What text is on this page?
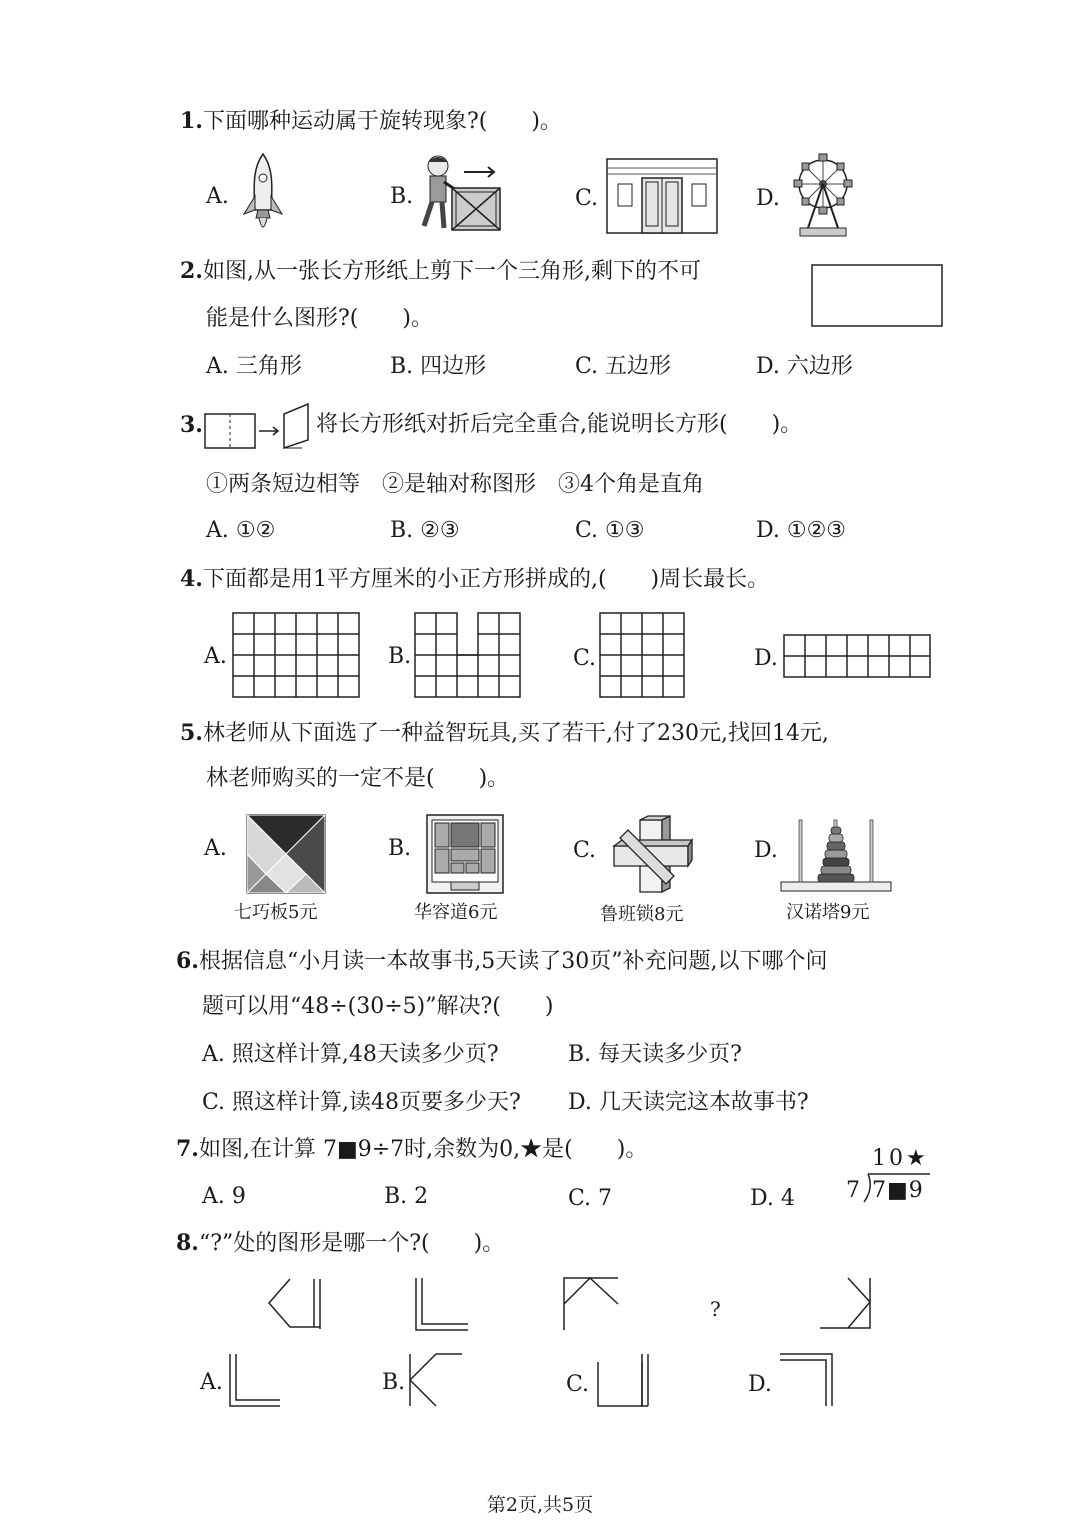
1.下面哪种运动属于旋转现象?(　　)。
A.	B.	C.	D.
2.如图,从一张长方形纸上剪下一个三角形,剩下的不可
能是什么图形?(　　)。
A. 三角形	B. 四边形	C. 五边形	D. 六边形
3.	将长方形纸对折后完全重合,能说明长方形(　　)。
①两条短边相等　②是轴对称图形　③4个角是直角
A. ①②	B. ②③	C. ①③	D. ①②③
4.下面都是用1平方厘米的小正方形拼成的,(　　)周长最长。
A.	B.	C.	D.
5.林老师从下面选了一种益智玩具,买了若干,付了230元,找回14元,
林老师购买的一定不是(　　)。
A.	B.	C.	D.
七巧板5元	华容道6元	鲁班锁8元	汉诺塔9元
6.根据信息“小月读一本故事书,5天读了30页”补充问题,以下哪个问
题可以用“48÷(30÷5)”解决?(　　)
A. 照这样计算,48天读多少页?	B. 每天读多少页?
C. 照这样计算,读48页要多少天? D. 几天读完这本故事书?
7.如图,在计算 7■9÷7时,余数为0,★是(　　)。
A. 9	B. 2	C. 7	D. 4
10★
7 7■9
8.“?”处的图形是哪一个?(　　)。
?
A.	B.	C.	D.
第2页,共5页
